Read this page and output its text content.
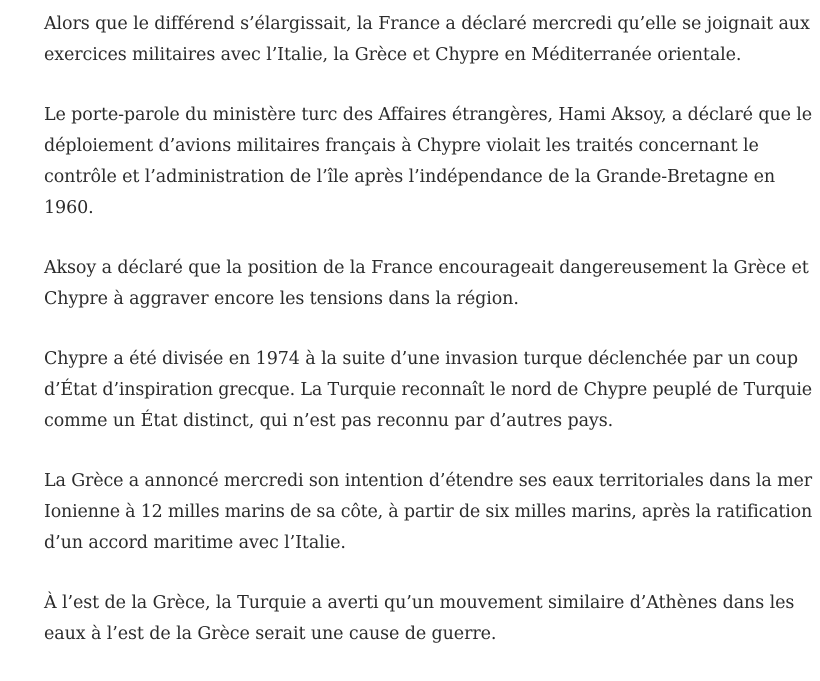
Alors que le différend s’élargissait, la France a déclaré mercredi qu’elle se joignait aux
exercices militaires avec l’Italie, la Grèce et Chypre en Méditerranée orientale.

Le porte-parole du ministère turc des Affaires étrangères, Hami Aksoy, a déclaré que le
déploiement d’avions militaires français à Chypre violait les traités concernant le
contrôle et l’administration de l’île après l’indépendance de la Grande-Bretagne en
1960.

Aksoy a déclaré que la position de la France encourageait dangereusement la Grèce et
Chypre à aggraver encore les tensions dans la région.

Chypre a été divisée en 1974 à la suite d’une invasion turque déclenchée par un coup
d’État d’inspiration grecque. La Turquie reconnaît le nord de Chypre peuplé de Turquie
comme un État distinct, qui n’est pas reconnu par d’autres pays.

La Grèce a annoncé mercredi son intention d’étendre ses eaux territoriales dans la mer
Ionienne à 12 milles marins de sa côte, à partir de six milles marins, après la ratification
d’un accord maritime avec l’Italie.

À l’est de la Grèce, la Turquie a averti qu’un mouvement similaire d’Athènes dans les
eaux à l’est de la Grèce serait une cause de guerre.
